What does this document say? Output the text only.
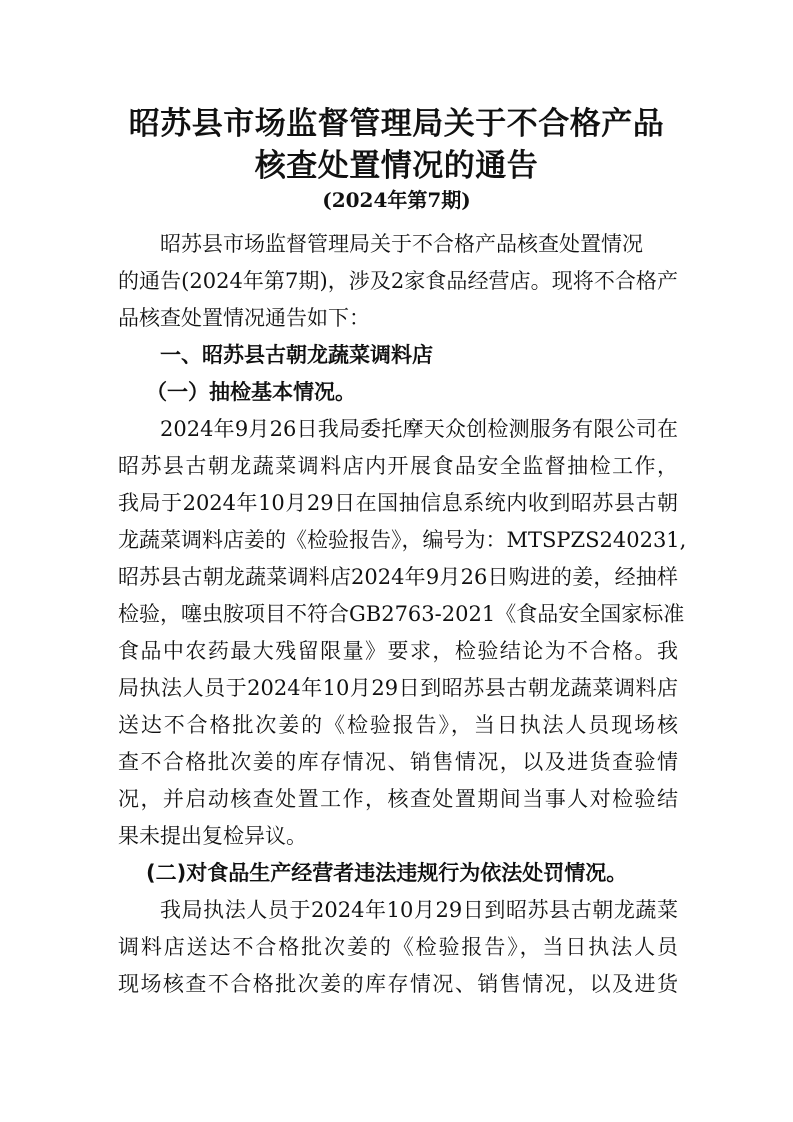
昭苏县市场监督管理局关于不合格产品
核查处置情况的通告
(2024年第7期)
昭苏县市场监督管理局关于不合格产品核查处置情况
的通告(2024年第7期)，涉及2家食品经营店。现将不合格产
品核查处置情况通告如下：
一、昭苏县古朝龙蔬菜调料店
（一）抽检基本情况。
2024年9月26日我局委托摩天众创检测服务有限公司在
昭苏县古朝龙蔬菜调料店内开展食品安全监督抽检工作，
我局于2024年10月29日在国抽信息系统内收到昭苏县古朝
龙蔬菜调料店姜的《检验报告》，编号为：MTSPZS240231,
昭苏县古朝龙蔬菜调料店2024年9月26日购进的姜，经抽样
检验，噻虫胺项目不符合GB2763-2021《食品安全国家标准
食品中农药最大残留限量》要求，检验结论为不合格。我
局执法人员于2024年10月29日到昭苏县古朝龙蔬菜调料店
送达不合格批次姜的《检验报告》，当日执法人员现场核
查不合格批次姜的库存情况、销售情况，以及进货查验情
况，并启动核查处置工作，核查处置期间当事人对检验结
果未提出复检异议。
(二)对食品生产经营者违法违规行为依法处罚情况。
我局执法人员于2024年10月29日到昭苏县古朝龙蔬菜
调料店送达不合格批次姜的《检验报告》，当日执法人员
现场核查不合格批次姜的库存情况、销售情况，以及进货
